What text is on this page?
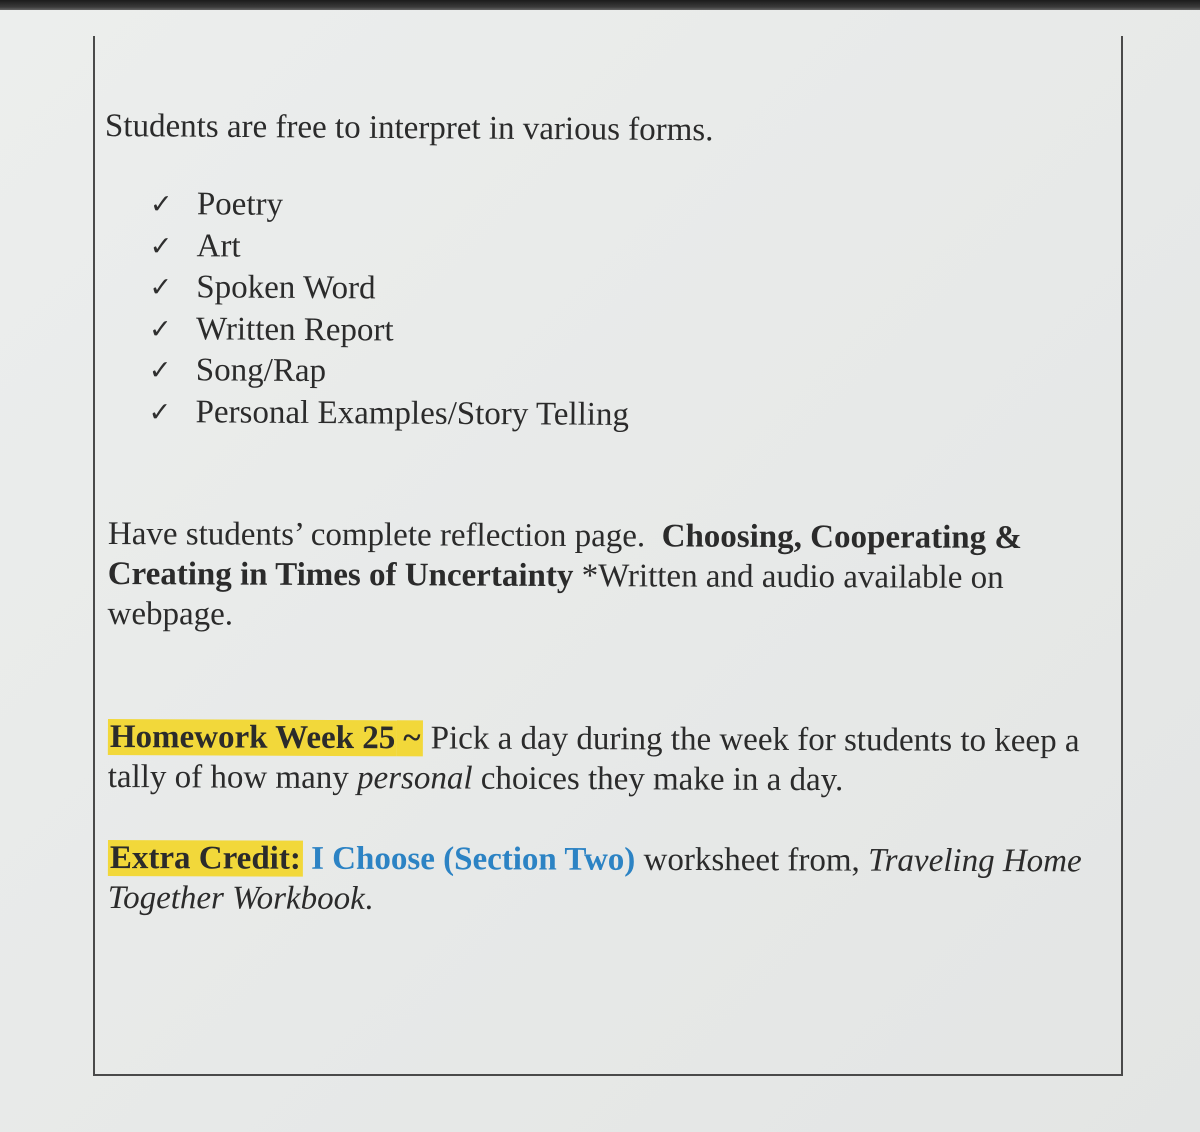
Students are free to interpret in various forms.
✓ Poetry
✓ Art
✓ Spoken Word
✓ Written Report
✓ Song/Rap
✓ Personal Examples/Story Telling
Have students’ complete reflection page. Choosing, Cooperating & Creating in Times of Uncertainty *Written and audio available on webpage.
Homework Week 25 ~ Pick a day during the week for students to keep a tally of how many personal choices they make in a day.
Extra Credit: I Choose (Section Two) worksheet from, Traveling Home Together Workbook.
